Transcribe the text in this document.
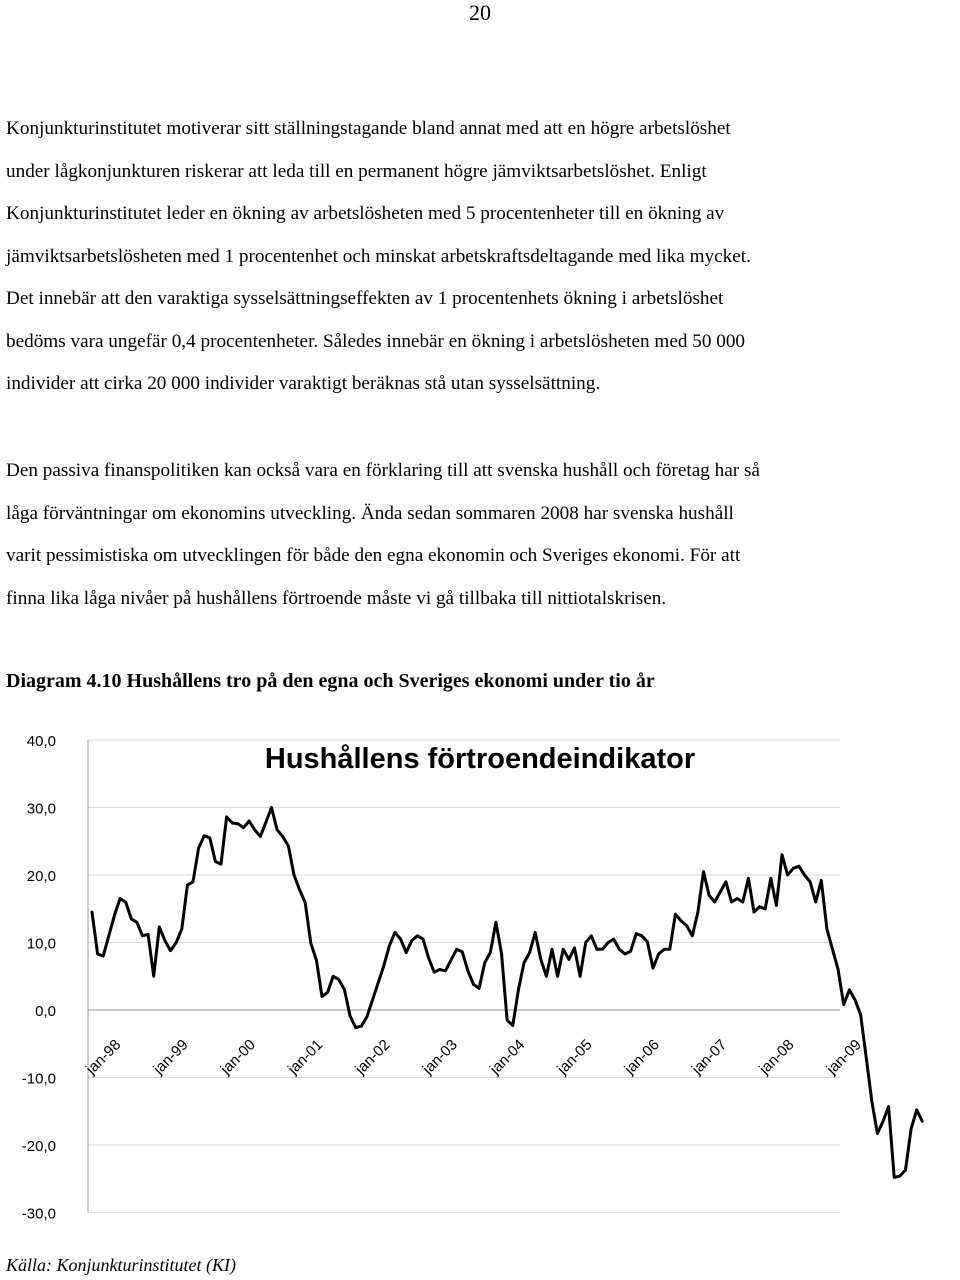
20
Konjunkturinstitutet motiverar sitt ställningstagande bland annat med att en högre arbetslöshet
under lågkonjunkturen riskerar att leda till en permanent högre jämviktsarbetslöshet. Enligt
Konjunkturinstitutet leder en ökning av arbetslösheten med 5 procentenheter till en ökning av
jämviktsarbetslösheten med 1 procentenhet och minskat arbetskraftsdeltagande med lika mycket.
Det innebär att den varaktiga sysselsättningseffekten av 1 procentenhets ökning i arbetslöshet
bedöms vara ungefär 0,4 procentenheter. Således innebär en ökning i arbetslösheten med 50 000
individer att cirka 20 000 individer varaktigt beräknas stå utan sysselsättning.
Den passiva finanspolitiken kan också vara en förklaring till att svenska hushåll och företag har så
låga förväntningar om ekonomins utveckling. Ända sedan sommaren 2008 har svenska hushåll
varit pessimistiska om utvecklingen för både den egna ekonomin och Sveriges ekonomi. För att
finna lika låga nivåer på hushållens förtroende måste vi gå tillbaka till nittiotalskrisen.
Diagram 4.10 Hushållens tro på den egna och Sveriges ekonomi under tio år
40,0
30,0
20,0
10,0
0,0
-10,0
-20,0
-30,0
jan-98 jan-99 jan-00 jan-01 jan-02 jan-03 jan-04 jan-05 jan-06 jan-07 jan-08 jan-09
Hushållens förtroendeindikator
Källa: Konjunkturinstitutet (KI)
